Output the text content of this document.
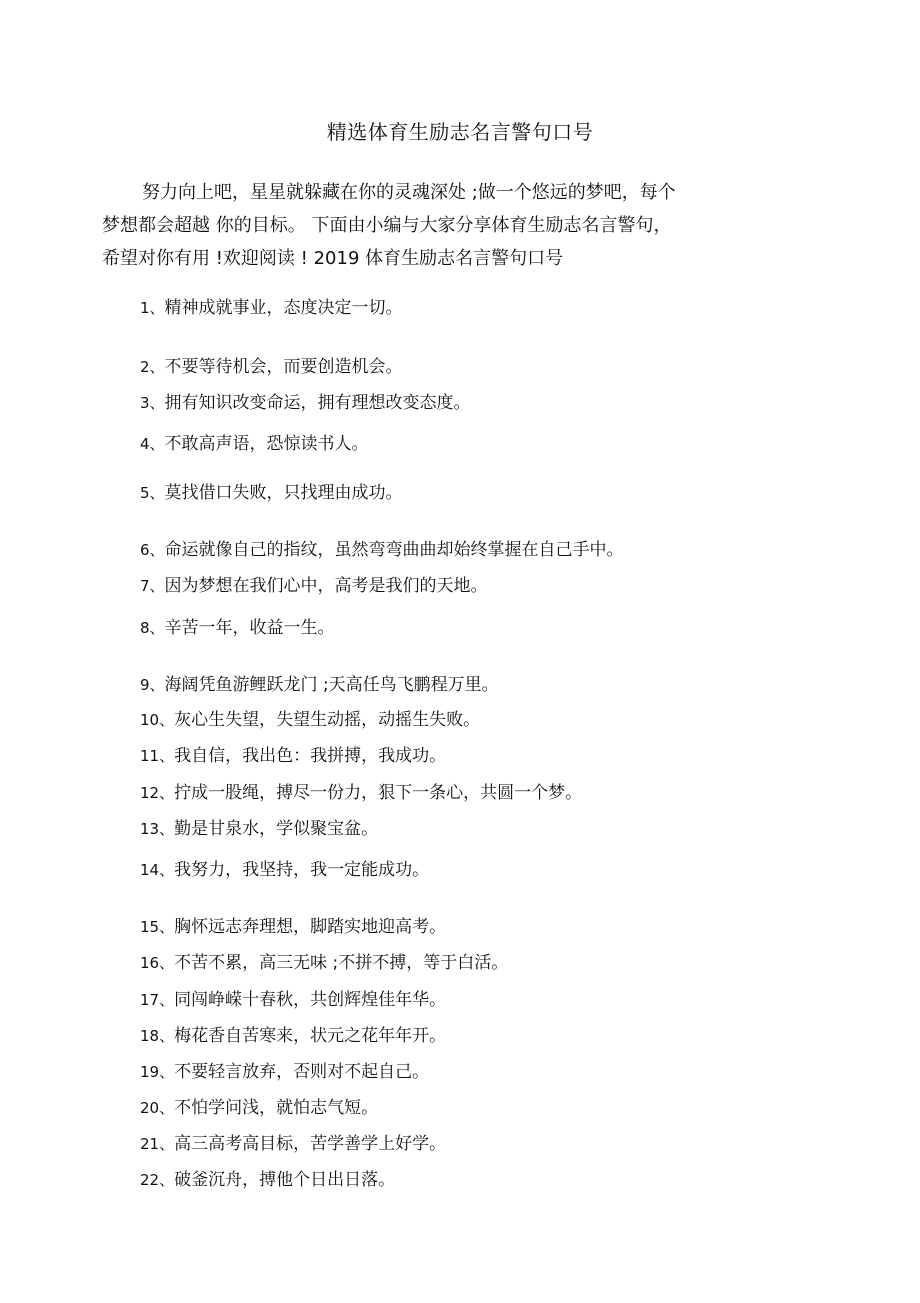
精选体育生励志名言警句口号
努力向上吧，星星就躲藏在你的灵魂深处 ;做一个悠远的梦吧，每个
梦想都会超越 你的目标。 下面由小编与大家分享体育生励志名言警句，
希望对你有用 !欢迎阅读 ! 2019 体育生励志名言警句口号
1、精神成就事业，态度决定一切。
2、不要等待机会，而要创造机会。
3、拥有知识改变命运，拥有理想改变态度。
4、不敢高声语，恐惊读书人。
5、莫找借口失败，只找理由成功。
6、命运就像自己的指纹，虽然弯弯曲曲却始终掌握在自己手中。
7、因为梦想在我们心中，高考是我们的天地。
8、辛苦一年，收益一生。
9、海阔凭鱼游鲤跃龙门 ;天高任鸟飞鹏程万里。
10、灰心生失望，失望生动摇，动摇生失败。
11、我自信，我出色：我拼搏，我成功。
12、拧成一股绳，搏尽一份力，狠下一条心，共圆一个梦。
13、勤是甘泉水，学似聚宝盆。
14、我努力，我坚持，我一定能成功。
15、胸怀远志奔理想，脚踏实地迎高考。
16、不苦不累，高三无味 ;不拼不搏，等于白活。
17、同闯峥嵘十春秋，共创辉煌佳年华。
18、梅花香自苦寒来，状元之花年年开。
19、不要轻言放弃，否则对不起自己。
20、不怕学问浅，就怕志气短。
21、高三高考高目标，苦学善学上好学。
22、破釜沉舟，搏他个日出日落。
